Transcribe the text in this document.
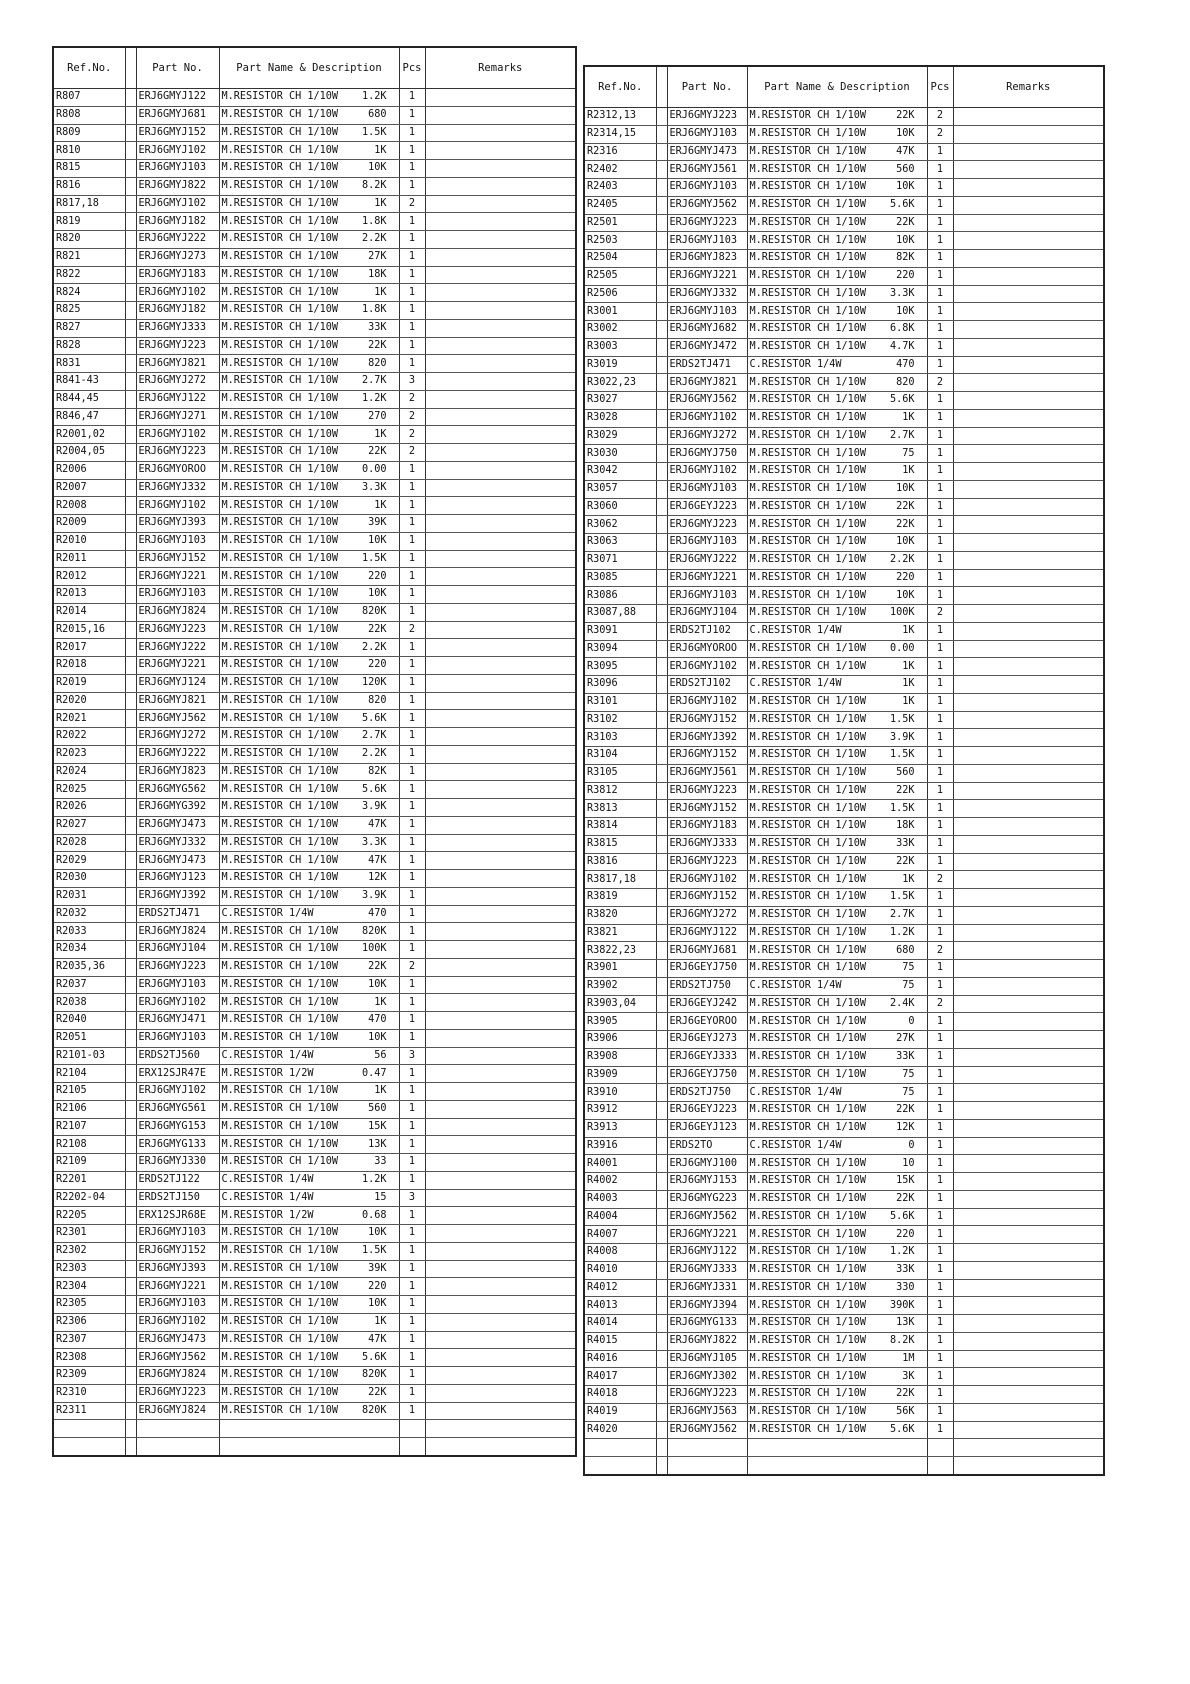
Ref.No.		Part No.	Part Name & Description	Pcs	Remarks
R807		ERJ6GMYJ122	M.RESISTOR CH 1/10W 1.2K	1	
R808		ERJ6GMYJ681	M.RESISTOR CH 1/10W 680	1	
R809		ERJ6GMYJ152	M.RESISTOR CH 1/10W 1.5K	1	
R810		ERJ6GMYJ102	M.RESISTOR CH 1/10W 1K	1	
R815		ERJ6GMYJ103	M.RESISTOR CH 1/10W 10K	1	
R816		ERJ6GMYJ822	M.RESISTOR CH 1/10W 8.2K	1	
R817,18		ERJ6GMYJ102	M.RESISTOR CH 1/10W 1K	2	
R819		ERJ6GMYJ182	M.RESISTOR CH 1/10W 1.8K	1	
R820		ERJ6GMYJ222	M.RESISTOR CH 1/10W 2.2K	1	
R821		ERJ6GMYJ273	M.RESISTOR CH 1/10W 27K	1	
R822		ERJ6GMYJ183	M.RESISTOR CH 1/10W 18K	1	
R824		ERJ6GMYJ102	M.RESISTOR CH 1/10W 1K	1	
R825		ERJ6GMYJ182	M.RESISTOR CH 1/10W 1.8K	1	
R827		ERJ6GMYJ333	M.RESISTOR CH 1/10W 33K	1	
R828		ERJ6GMYJ223	M.RESISTOR CH 1/10W 22K	1	
R831		ERJ6GMYJ821	M.RESISTOR CH 1/10W 820	1	
R841-43		ERJ6GMYJ272	M.RESISTOR CH 1/10W 2.7K	3	
R844,45		ERJ6GMYJ122	M.RESISTOR CH 1/10W 1.2K	2	
R846,47		ERJ6GMYJ271	M.RESISTOR CH 1/10W 270	2	
R2001,02		ERJ6GMYJ102	M.RESISTOR CH 1/10W 1K	2	
R2004,05		ERJ6GMYJ223	M.RESISTOR CH 1/10W 22K	2	
R2006		ERJ6GMYOROO	M.RESISTOR CH 1/10W 0.00	1	
R2007		ERJ6GMYJ332	M.RESISTOR CH 1/10W 3.3K	1	
R2008		ERJ6GMYJ102	M.RESISTOR CH 1/10W 1K	1	
R2009		ERJ6GMYJ393	M.RESISTOR CH 1/10W 39K	1	
R2010		ERJ6GMYJ103	M.RESISTOR CH 1/10W 10K	1	
R2011		ERJ6GMYJ152	M.RESISTOR CH 1/10W 1.5K	1	
R2012		ERJ6GMYJ221	M.RESISTOR CH 1/10W 220	1	
R2013		ERJ6GMYJ103	M.RESISTOR CH 1/10W 10K	1	
R2014		ERJ6GMYJ824	M.RESISTOR CH 1/10W 820K	1	
R2015,16		ERJ6GMYJ223	M.RESISTOR CH 1/10W 22K	2	
R2017		ERJ6GMYJ222	M.RESISTOR CH 1/10W 2.2K	1	
R2018		ERJ6GMYJ221	M.RESISTOR CH 1/10W 220	1	
R2019		ERJ6GMYJ124	M.RESISTOR CH 1/10W 120K	1	
R2020		ERJ6GMYJ821	M.RESISTOR CH 1/10W 820	1	
R2021		ERJ6GMYJ562	M.RESISTOR CH 1/10W 5.6K	1	
R2022		ERJ6GMYJ272	M.RESISTOR CH 1/10W 2.7K	1	
R2023		ERJ6GMYJ222	M.RESISTOR CH 1/10W 2.2K	1	
R2024		ERJ6GMYJ823	M.RESISTOR CH 1/10W 82K	1	
R2025		ERJ6GMYG562	M.RESISTOR CH 1/10W 5.6K	1	
R2026		ERJ6GMYG392	M.RESISTOR CH 1/10W 3.9K	1	
R2027		ERJ6GMYJ473	M.RESISTOR CH 1/10W 47K	1	
R2028		ERJ6GMYJ332	M.RESISTOR CH 1/10W 3.3K	1	
R2029		ERJ6GMYJ473	M.RESISTOR CH 1/10W 47K	1	
R2030		ERJ6GMYJ123	M.RESISTOR CH 1/10W 12K	1	
R2031		ERJ6GMYJ392	M.RESISTOR CH 1/10W 3.9K	1	
R2032		ERDS2TJ471	C.RESISTOR 1/4W 470	1	
R2033		ERJ6GMYJ824	M.RESISTOR CH 1/10W 820K	1	
R2034		ERJ6GMYJ104	M.RESISTOR CH 1/10W 100K	1	
R2035,36		ERJ6GMYJ223	M.RESISTOR CH 1/10W 22K	2	
R2037		ERJ6GMYJ103	M.RESISTOR CH 1/10W 10K	1	
R2038		ERJ6GMYJ102	M.RESISTOR CH 1/10W 1K	1	
R2040		ERJ6GMYJ471	M.RESISTOR CH 1/10W 470	1	
R2051		ERJ6GMYJ103	M.RESISTOR CH 1/10W 10K	1	
R2101-03		ERDS2TJ560	C.RESISTOR 1/4W 56	3	
R2104		ERX12SJR47E	M.RESISTOR 1/2W 0.47	1	
R2105		ERJ6GMYJ102	M.RESISTOR CH 1/10W 1K	1	
R2106		ERJ6GMYG561	M.RESISTOR CH 1/10W 560	1	
R2107		ERJ6GMYG153	M.RESISTOR CH 1/10W 15K	1	
R2108		ERJ6GMYG133	M.RESISTOR CH 1/10W 13K	1	
R2109		ERJ6GMYJ330	M.RESISTOR CH 1/10W 33	1	
R2201		ERDS2TJ122	C.RESISTOR 1/4W 1.2K	1	
R2202-04		ERDS2TJ150	C.RESISTOR 1/4W 15	3	
R2205		ERX12SJR68E	M.RESISTOR 1/2W 0.68	1	
R2301		ERJ6GMYJ103	M.RESISTOR CH 1/10W 10K	1	
R2302		ERJ6GMYJ152	M.RESISTOR CH 1/10W 1.5K	1	
R2303		ERJ6GMYJ393	M.RESISTOR CH 1/10W 39K	1	
R2304		ERJ6GMYJ221	M.RESISTOR CH 1/10W 220	1	
R2305		ERJ6GMYJ103	M.RESISTOR CH 1/10W 10K	1	
R2306		ERJ6GMYJ102	M.RESISTOR CH 1/10W 1K	1	
R2307		ERJ6GMYJ473	M.RESISTOR CH 1/10W 47K	1	
R2308		ERJ6GMYJ562	M.RESISTOR CH 1/10W 5.6K	1	
R2309		ERJ6GMYJ824	M.RESISTOR CH 1/10W 820K	1	
R2310		ERJ6GMYJ223	M.RESISTOR CH 1/10W 22K	1	
R2311		ERJ6GMYJ824	M.RESISTOR CH 1/10W 820K	1	

Ref.No.		Part No.	Part Name & Description	Pcs	Remarks
R2312,13		ERJ6GMYJ223	M.RESISTOR CH 1/10W 22K	2	
R2314,15		ERJ6GMYJ103	M.RESISTOR CH 1/10W 10K	2	
R2316		ERJ6GMYJ473	M.RESISTOR CH 1/10W 47K	1	
R2402		ERJ6GMYJ561	M.RESISTOR CH 1/10W 560	1	
R2403		ERJ6GMYJ103	M.RESISTOR CH 1/10W 10K	1	
R2405		ERJ6GMYJ562	M.RESISTOR CH 1/10W 5.6K	1	
R2501		ERJ6GMYJ223	M.RESISTOR CH 1/10W 22K	1	
R2503		ERJ6GMYJ103	M.RESISTOR CH 1/10W 10K	1	
R2504		ERJ6GMYJ823	M.RESISTOR CH 1/10W 82K	1	
R2505		ERJ6GMYJ221	M.RESISTOR CH 1/10W 220	1	
R2506		ERJ6GMYJ332	M.RESISTOR CH 1/10W 3.3K	1	
R3001		ERJ6GMYJ103	M.RESISTOR CH 1/10W 10K	1	
R3002		ERJ6GMYJ682	M.RESISTOR CH 1/10W 6.8K	1	
R3003		ERJ6GMYJ472	M.RESISTOR CH 1/10W 4.7K	1	
R3019		ERDS2TJ471	C.RESISTOR 1/4W 470	1	
R3022,23		ERJ6GMYJ821	M.RESISTOR CH 1/10W 820	2	
R3027		ERJ6GMYJ562	M.RESISTOR CH 1/10W 5.6K	1	
R3028		ERJ6GMYJ102	M.RESISTOR CH 1/10W 1K	1	
R3029		ERJ6GMYJ272	M.RESISTOR CH 1/10W 2.7K	1	
R3030		ERJ6GMYJ750	M.RESISTOR CH 1/10W 75	1	
R3042		ERJ6GMYJ102	M.RESISTOR CH 1/10W 1K	1	
R3057		ERJ6GMYJ103	M.RESISTOR CH 1/10W 10K	1	
R3060		ERJ6GEYJ223	M.RESISTOR CH 1/10W 22K	1	
R3062		ERJ6GMYJ223	M.RESISTOR CH 1/10W 22K	1	
R3063		ERJ6GMYJ103	M.RESISTOR CH 1/10W 10K	1	
R3071		ERJ6GMYJ222	M.RESISTOR CH 1/10W 2.2K	1	
R3085		ERJ6GMYJ221	M.RESISTOR CH 1/10W 220	1	
R3086		ERJ6GMYJ103	M.RESISTOR CH 1/10W 10K	1	
R3087,88		ERJ6GMYJ104	M.RESISTOR CH 1/10W 100K	2	
R3091		ERDS2TJ102	C.RESISTOR 1/4W 1K	1	
R3094		ERJ6GMYOROO	M.RESISTOR CH 1/10W 0.00	1	
R3095		ERJ6GMYJ102	M.RESISTOR CH 1/10W 1K	1	
R3096		ERDS2TJ102	C.RESISTOR 1/4W 1K	1	
R3101		ERJ6GMYJ102	M.RESISTOR CH 1/10W 1K	1	
R3102		ERJ6GMYJ152	M.RESISTOR CH 1/10W 1.5K	1	
R3103		ERJ6GMYJ392	M.RESISTOR CH 1/10W 3.9K	1	
R3104		ERJ6GMYJ152	M.RESISTOR CH 1/10W 1.5K	1	
R3105		ERJ6GMYJ561	M.RESISTOR CH 1/10W 560	1	
R3812		ERJ6GMYJ223	M.RESISTOR CH 1/10W 22K	1	
R3813		ERJ6GMYJ152	M.RESISTOR CH 1/10W 1.5K	1	
R3814		ERJ6GMYJ183	M.RESISTOR CH 1/10W 18K	1	
R3815		ERJ6GMYJ333	M.RESISTOR CH 1/10W 33K	1	
R3816		ERJ6GMYJ223	M.RESISTOR CH 1/10W 22K	1	
R3817,18		ERJ6GMYJ102	M.RESISTOR CH 1/10W 1K	2	
R3819		ERJ6GMYJ152	M.RESISTOR CH 1/10W 1.5K	1	
R3820		ERJ6GMYJ272	M.RESISTOR CH 1/10W 2.7K	1	
R3821		ERJ6GMYJ122	M.RESISTOR CH 1/10W 1.2K	1	
R3822,23		ERJ6GMYJ681	M.RESISTOR CH 1/10W 680	2	
R3901		ERJ6GEYJ750	M.RESISTOR CH 1/10W 75	1	
R3902		ERDS2TJ750	C.RESISTOR 1/4W 75	1	
R3903,04		ERJ6GEYJ242	M.RESISTOR CH 1/10W 2.4K	2	
R3905		ERJ6GEYOROO	M.RESISTOR CH 1/10W 0	1	
R3906		ERJ6GEYJ273	M.RESISTOR CH 1/10W 27K	1	
R3908		ERJ6GEYJ333	M.RESISTOR CH 1/10W 33K	1	
R3909		ERJ6GEYJ750	M.RESISTOR CH 1/10W 75	1	
R3910		ERDS2TJ750	C.RESISTOR 1/4W 75	1	
R3912		ERJ6GEYJ223	M.RESISTOR CH 1/10W 22K	1	
R3913		ERJ6GEYJ123	M.RESISTOR CH 1/10W 12K	1	
R3916		ERDS2TO	C.RESISTOR 1/4W 0	1	
R4001		ERJ6GMYJ100	M.RESISTOR CH 1/10W 10	1	
R4002		ERJ6GMYJ153	M.RESISTOR CH 1/10W 15K	1	
R4003		ERJ6GMYG223	M.RESISTOR CH 1/10W 22K	1	
R4004		ERJ6GMYJ562	M.RESISTOR CH 1/10W 5.6K	1	
R4007		ERJ6GMYJ221	M.RESISTOR CH 1/10W 220	1	
R4008		ERJ6GMYJ122	M.RESISTOR CH 1/10W 1.2K	1	
R4010		ERJ6GMYJ333	M.RESISTOR CH 1/10W 33K	1	
R4012		ERJ6GMYJ331	M.RESISTOR CH 1/10W 330	1	
R4013		ERJ6GMYJ394	M.RESISTOR CH 1/10W 390K	1	
R4014		ERJ6GMYG133	M.RESISTOR CH 1/10W 13K	1	
R4015		ERJ6GMYJ822	M.RESISTOR CH 1/10W 8.2K	1	
R4016		ERJ6GMYJ105	M.RESISTOR CH 1/10W 1M	1	
R4017		ERJ6GMYJ302	M.RESISTOR CH 1/10W 3K	1	
R4018		ERJ6GMYJ223	M.RESISTOR CH 1/10W 22K	1	
R4019		ERJ6GMYJ563	M.RESISTOR CH 1/10W 56K	1	
R4020		ERJ6GMYJ562	M.RESISTOR CH 1/10W 5.6K	1	
